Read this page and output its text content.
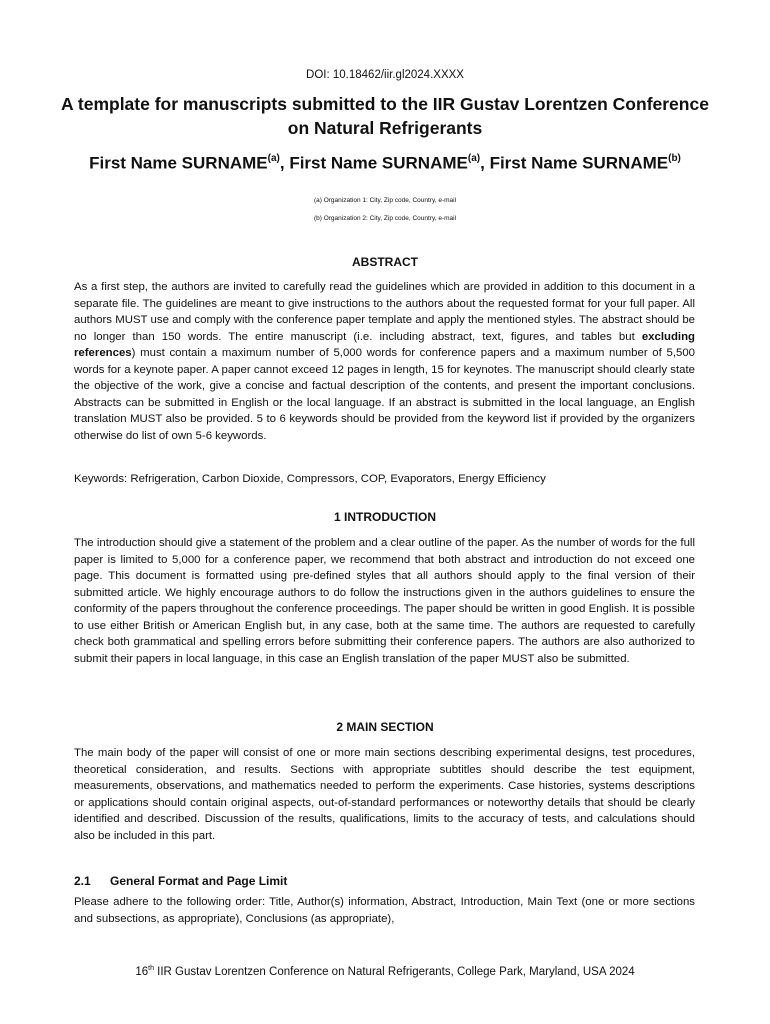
DOI: 10.18462/iir.gl2024.XXXX
A template for manuscripts submitted to the IIR Gustav Lorentzen Conference on Natural Refrigerants
First Name SURNAME$^{(a)}$, First Name SURNAME$^{(a)}$, First Name SURNAME$^{(b)}$
(a) Organization 1: City, Zip code, Country, e-mail
(b) Organization 2: City, Zip code, Country, e-mail
ABSTRACT

As a first step, the authors are invited to carefully read the guidelines which are provided in addition to this document in a separate file. The guidelines are meant to give instructions to the authors about the requested format for your full paper. All authors MUST use and comply with the conference paper template and apply the mentioned styles. The abstract should be no longer than 150 words. The entire manuscript (i.e. including abstract, text, figures, and tables but excluding references) must contain a maximum number of 5,000 words for conference papers and a maximum number of 5,500 words for a keynote paper. A paper cannot exceed 12 pages in length, 15 for keynotes. The manuscript should clearly state the objective of the work, give a concise and factual description of the contents, and present the important conclusions. Abstracts can be submitted in English or the local language. If an abstract is submitted in the local language, an English translation MUST also be provided. 5 to 6 keywords should be provided from the keyword list if provided by the organizers otherwise do list of own 5-6 keywords.

Keywords: Refrigeration, Carbon Dioxide, Compressors, COP, Evaporators, Energy Efficiency

1 INTRODUCTION

The introduction should give a statement of the problem and a clear outline of the paper. As the number of words for the full paper is limited to 5,000 for a conference paper, we recommend that both abstract and introduction do not exceed one page. This document is formatted using pre-defined styles that all authors should apply to the final version of their submitted article. We highly encourage authors to do follow the instructions given in the authors guidelines to ensure the conformity of the papers throughout the conference proceedings. The paper should be written in good English. It is possible to use either British or American English but, in any case, both at the same time. The authors are requested to carefully check both grammatical and spelling errors before submitting their conference papers. The authors are also authorized to submit their papers in local language, in this case an English translation of the paper MUST also be submitted.

2 MAIN SECTION

The main body of the paper will consist of one or more main sections describing experimental designs, test procedures, theoretical consideration, and results. Sections with appropriate subtitles should describe the test equipment, measurements, observations, and mathematics needed to perform the experiments. Case histories, systems descriptions or applications should contain original aspects, out-of-standard performances or noteworthy details that should be clearly identified and described. Discussion of the results, qualifications, limits to the accuracy of tests, and calculations should also be included in this part.

2.1 General Format and Page Limit

Please adhere to the following order: Title, Author(s) information, Abstract, Introduction, Main Text (one or more sections and subsections, as appropriate), Conclusions (as appropriate),

16th IIR Gustav Lorentzen Conference on Natural Refrigerants, College Park, Maryland, USA 2024
